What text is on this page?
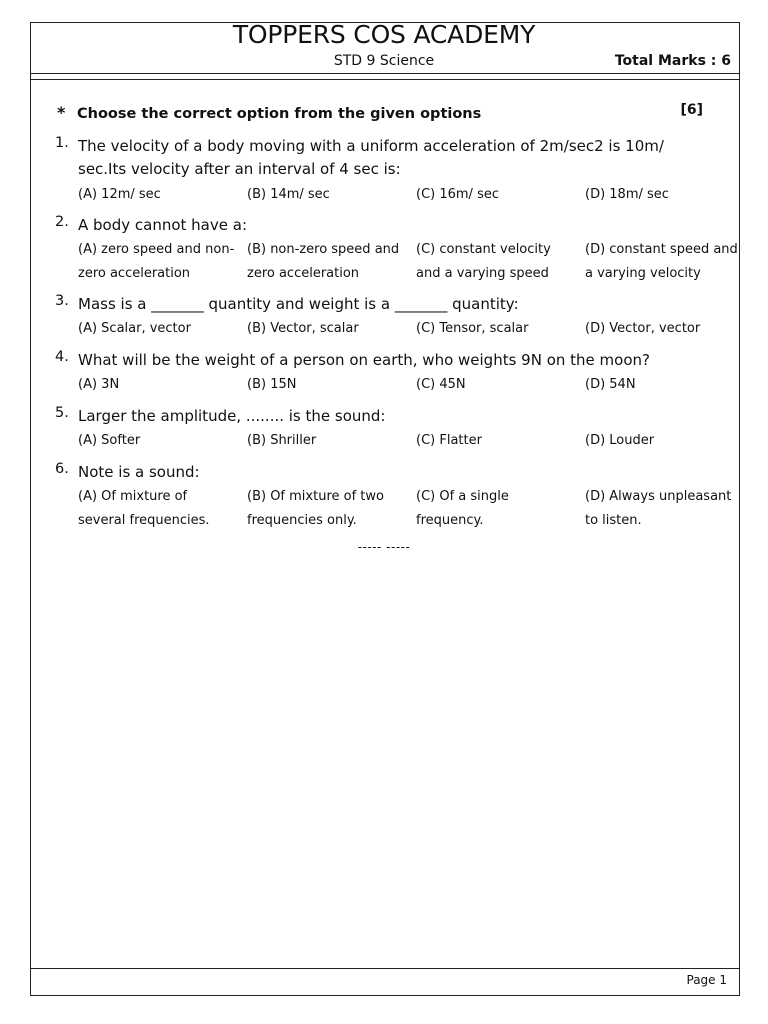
TOPPERS COS ACADEMY
STD 9 Science	Total Marks : 6
* Choose the correct option from the given options	[6]
1. The velocity of a body moving with a uniform acceleration of 2m/sec2 is 10m/ sec.Its velocity after an interval of 4 sec is:
(A) 12m/ sec	(B) 14m/ sec	(C) 16m/ sec	(D) 18m/ sec
2. A body cannot have a:
(A) zero speed and non-zero acceleration
(B) non-zero speed and zero acceleration
(C) constant velocity and a varying speed
(D) constant speed and a varying velocity
3. Mass is a _______ quantity and weight is a _______ quantity:
(A) Scalar, vector	(B) Vector, scalar	(C) Tensor, scalar	(D) Vector, vector
4. What will be the weight of a person on earth, who weights 9N on the moon?
(A) 3N	(B) 15N	(C) 45N	(D) 54N
5. Larger the amplitude, ........ is the sound:
(A) Softer	(B) Shriller	(C) Flatter	(D) Louder
6. Note is a sound:
(A) Of mixture of several frequencies.
(B) Of mixture of two frequencies only.
(C) Of a single frequency.
(D) Always unpleasant to listen.
----- -----
Page 1
